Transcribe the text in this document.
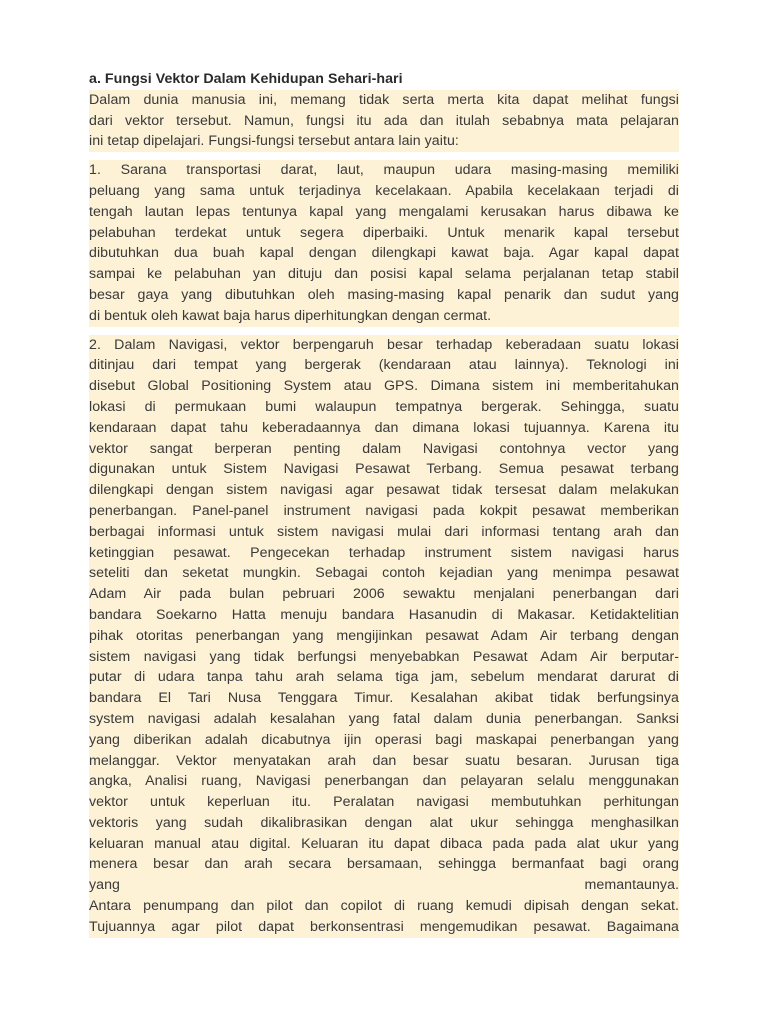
a. Fungsi Vektor Dalam Kehidupan Sehari-hari
Dalam dunia manusia ini, memang tidak serta merta kita dapat melihat fungsi
dari vektor tersebut. Namun, fungsi itu ada dan itulah sebabnya mata pelajaran
ini tetap dipelajari. Fungsi-fungsi tersebut antara lain yaitu:
1. Sarana transportasi darat, laut, maupun udara masing-masing memiliki
peluang yang sama untuk terjadinya kecelakaan. Apabila kecelakaan terjadi di
tengah lautan lepas tentunya kapal yang mengalami kerusakan harus dibawa ke
pelabuhan terdekat untuk segera diperbaiki. Untuk menarik kapal tersebut
dibutuhkan dua buah kapal dengan dilengkapi kawat baja. Agar kapal dapat
sampai ke pelabuhan yan dituju dan posisi kapal selama perjalanan tetap stabil
besar gaya yang dibutuhkan oleh masing-masing kapal penarik dan sudut yang
di bentuk oleh kawat baja harus diperhitungkan dengan cermat.
2. Dalam Navigasi, vektor berpengaruh besar terhadap keberadaan suatu lokasi
ditinjau dari tempat yang bergerak (kendaraan atau lainnya). Teknologi ini
disebut Global Positioning System atau GPS. Dimana sistem ini memberitahukan
lokasi di permukaan bumi walaupun tempatnya bergerak. Sehingga, suatu
kendaraan dapat tahu keberadaannya dan dimana lokasi tujuannya. Karena itu
vektor sangat berperan penting dalam Navigasi contohnya vector yang
digunakan untuk Sistem Navigasi Pesawat Terbang. Semua pesawat terbang
dilengkapi dengan sistem navigasi agar pesawat tidak tersesat dalam melakukan
penerbangan. Panel-panel instrument navigasi pada kokpit pesawat memberikan
berbagai informasi untuk sistem navigasi mulai dari informasi tentang arah dan
ketinggian pesawat. Pengecekan terhadap instrument sistem navigasi harus
seteliti dan seketat mungkin. Sebagai contoh kejadian yang menimpa pesawat
Adam Air pada bulan pebruari 2006 sewaktu menjalani penerbangan dari
bandara Soekarno Hatta menuju bandara Hasanudin di Makasar. Ketidaktelitian
pihak otoritas penerbangan yang mengijinkan pesawat Adam Air terbang dengan
sistem navigasi yang tidak berfungsi menyebabkan Pesawat Adam Air berputar-
putar di udara tanpa tahu arah selama tiga jam, sebelum mendarat darurat di
bandara El Tari Nusa Tenggara Timur. Kesalahan akibat tidak berfungsinya
system navigasi adalah kesalahan yang fatal dalam dunia penerbangan. Sanksi
yang diberikan adalah dicabutnya ijin operasi bagi maskapai penerbangan yang
melanggar. Vektor menyatakan arah dan besar suatu besaran. Jurusan tiga
angka, Analisi ruang, Navigasi penerbangan dan pelayaran selalu menggunakan
vektor untuk keperluan itu. Peralatan navigasi membutuhkan perhitungan
vektoris yang sudah dikalibrasikan dengan alat ukur sehingga menghasilkan
keluaran manual atau digital. Keluaran itu dapat dibaca pada pada alat ukur yang
menera besar dan arah secara bersamaan, sehingga bermanfaat bagi orang
yang memantaunya.
Antara penumpang dan pilot dan copilot di ruang kemudi dipisah dengan sekat.
Tujuannya agar pilot dapat berkonsentrasi mengemudikan pesawat. Bagaimana
